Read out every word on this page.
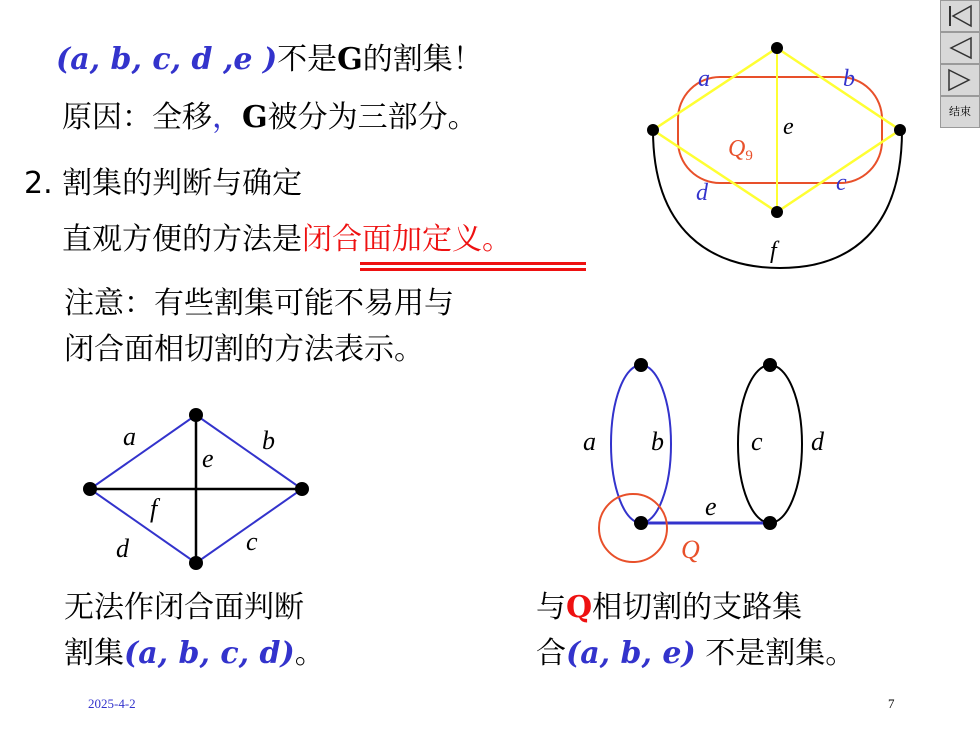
(a, b, c, d ,e )不是G的割集！
原因：全移，G被分为三部分。
2. 割集的判断与确定
直观方便的方法是闭合面加定义。
注意：有些割集可能不易用与
闭合面相切割的方法表示。
无法作闭合面判断
割集(a, b, c, d)。
与Q相切割的支路集
合(a, b, e) 不是割集。
2025-4-2	7
结束
a	b
e
Q9
d	c
f
a	b
e
f
d	c
a b	c d
e
Q
